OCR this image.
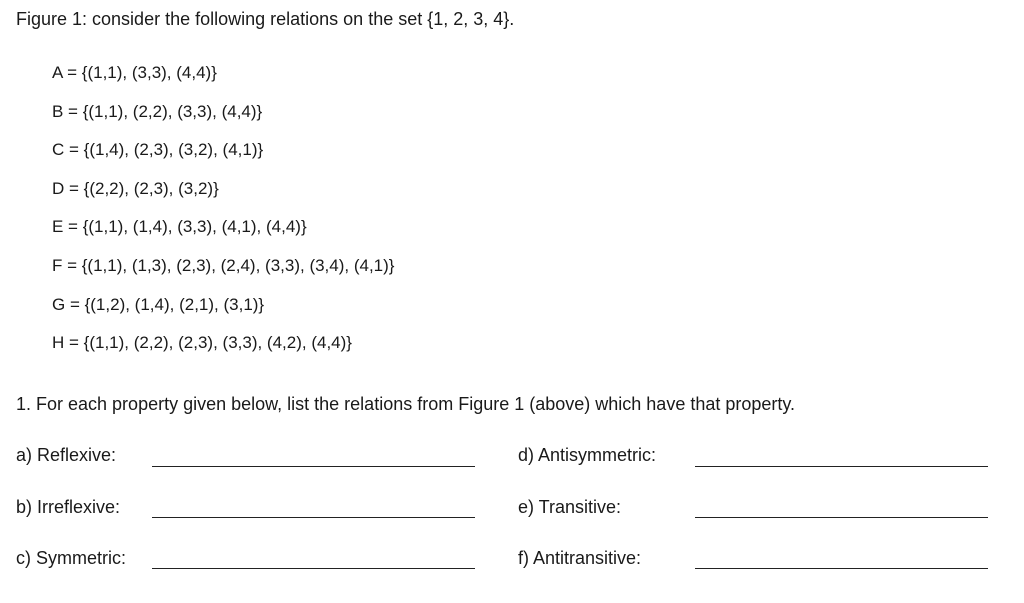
Figure 1: consider the following relations on the set {1, 2, 3, 4}.
A = {(1,1), (3,3), (4,4)}
B = {(1,1), (2,2), (3,3), (4,4)}
C = {(1,4), (2,3), (3,2), (4,1)}
D = {(2,2), (2,3), (3,2)}
E = {(1,1), (1,4), (3,3), (4,1), (4,4)}
F = {(1,1), (1,3), (2,3), (2,4), (3,3), (3,4), (4,1)}
G = {(1,2), (1,4), (2,1), (3,1)}
H = {(1,1), (2,2), (2,3), (3,3), (4,2), (4,4)}
1. For each property given below, list the relations from Figure 1 (above) which have that property.
a) Reflexive:
b) Irreflexive:
c) Symmetric:
d) Antisymmetric:
e) Transitive:
f) Antitransitive:
